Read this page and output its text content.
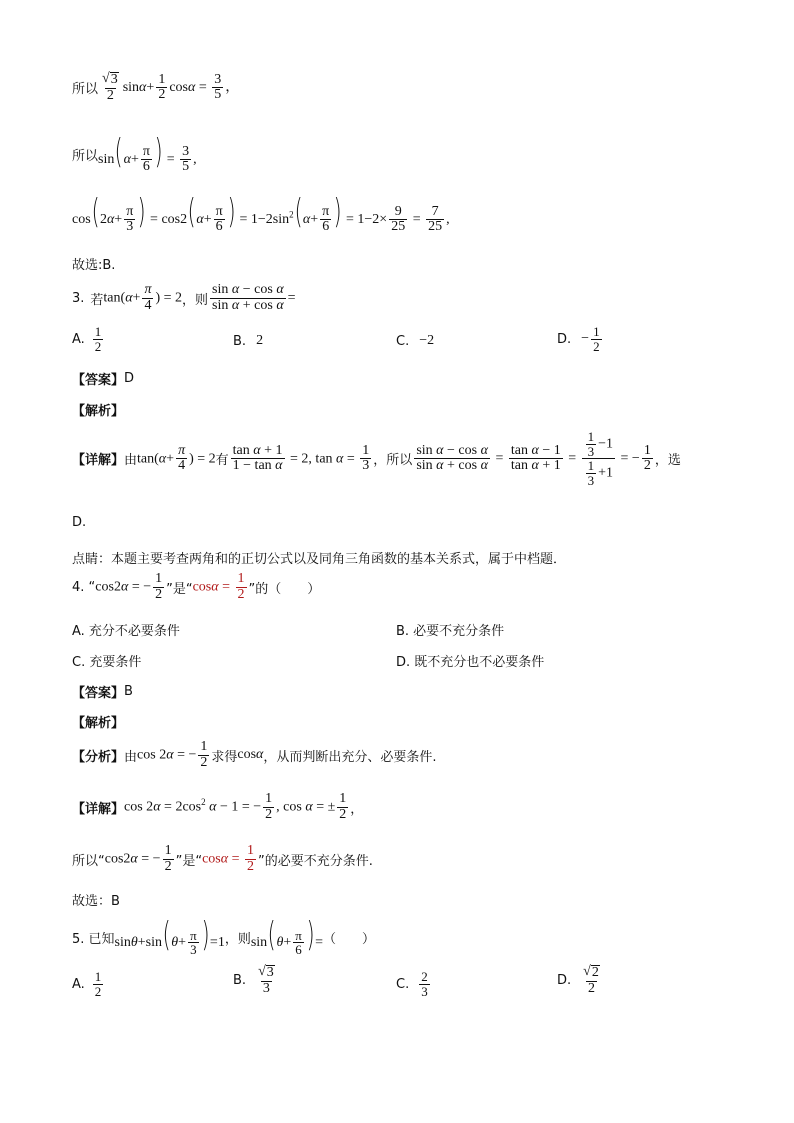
所以 $\frac{√ 3}{2} \sin\alpha+ \frac{1}{2}$ $\cos\alpha = \frac{3}{5}$ ，
所以 $\sin(\alpha+ \frac{\pi}{6}$ ) = $\frac{3}{5}$ ,
$\cos(2\alpha+ \frac{\pi}{3}$ ) = $\cos 2(\alpha+ \frac{\pi}{6}$ ) = $1-2\sin^2(\alpha+ \frac{\pi}{6}$ ) = $1-2\times \frac{9}{25} = \frac{7}{25}$ ,
故选:B.
3. 若 $\tan(\alpha+ \frac{\pi}{4}$ ) = 2 ，则 $\frac{\text{sin α − cos α}}{\text{sin α + cos α}}$ =
A. $\frac{1}{2}$	B. 2	C. −2	D. − $\frac{1}{2}$
【答案】 D
【解析】
【详解】 由 $\tan(\alpha+ \frac{\pi}{4}$ ) = 2 有 $\frac{\text{tan α + 1}}{\text{1 − tan α}} = 2$, $\tan \alpha = \frac{1}{3}$ ，所以 $\frac{\text{sin α − cos α}}{\text{sin α + cos α}} = \frac{\text{tan α − 1}}{\text{tan α + 1}} = \frac{\frac{1}{3} -1}{\frac{1}{3} +1}$ = − $\frac{1}{2}$ ，选
D.
点睛：本题主要考查两角和的正切公式以及同角三角函数的基本关系式，属于中档题．
4. “ cos2α = − $\frac{1}{2}$ ”是“ $\cos\alpha = \frac{1}{2}$ ”的（　　）
A. 充分不必要条件	B. 必要不充分条件
C. 充要条件	D. 既不充分也不必要条件
【答案】 B
【解析】
【分析】 由 cos 2α = − $\frac{1}{2}$ 求得 cosα ，从而判断出充分、必要条件.
【详解】 $\cos 2\alpha = 2\cos^2$ α − 1 = − $\frac{1}{2}$ , cos α = ± $\frac{1}{2}$ ，
所以“ cos2α = − $\frac{1}{2}$ ”是“ $\cos\alpha = \frac{1}{2}$ ”的必要不充分条件.
故选：B
5. 已知 $\sin\theta+\sin(\theta+ \frac{\pi}{3} )=1$ ，则 $\sin(\theta+ \frac{\pi}{6}$ )= （　　）
A. $\frac{1}{2}$	B. $\frac{√ 3}{3}$	C. $\frac{2}{3}$	D. $\frac{√ 2}{2}$
